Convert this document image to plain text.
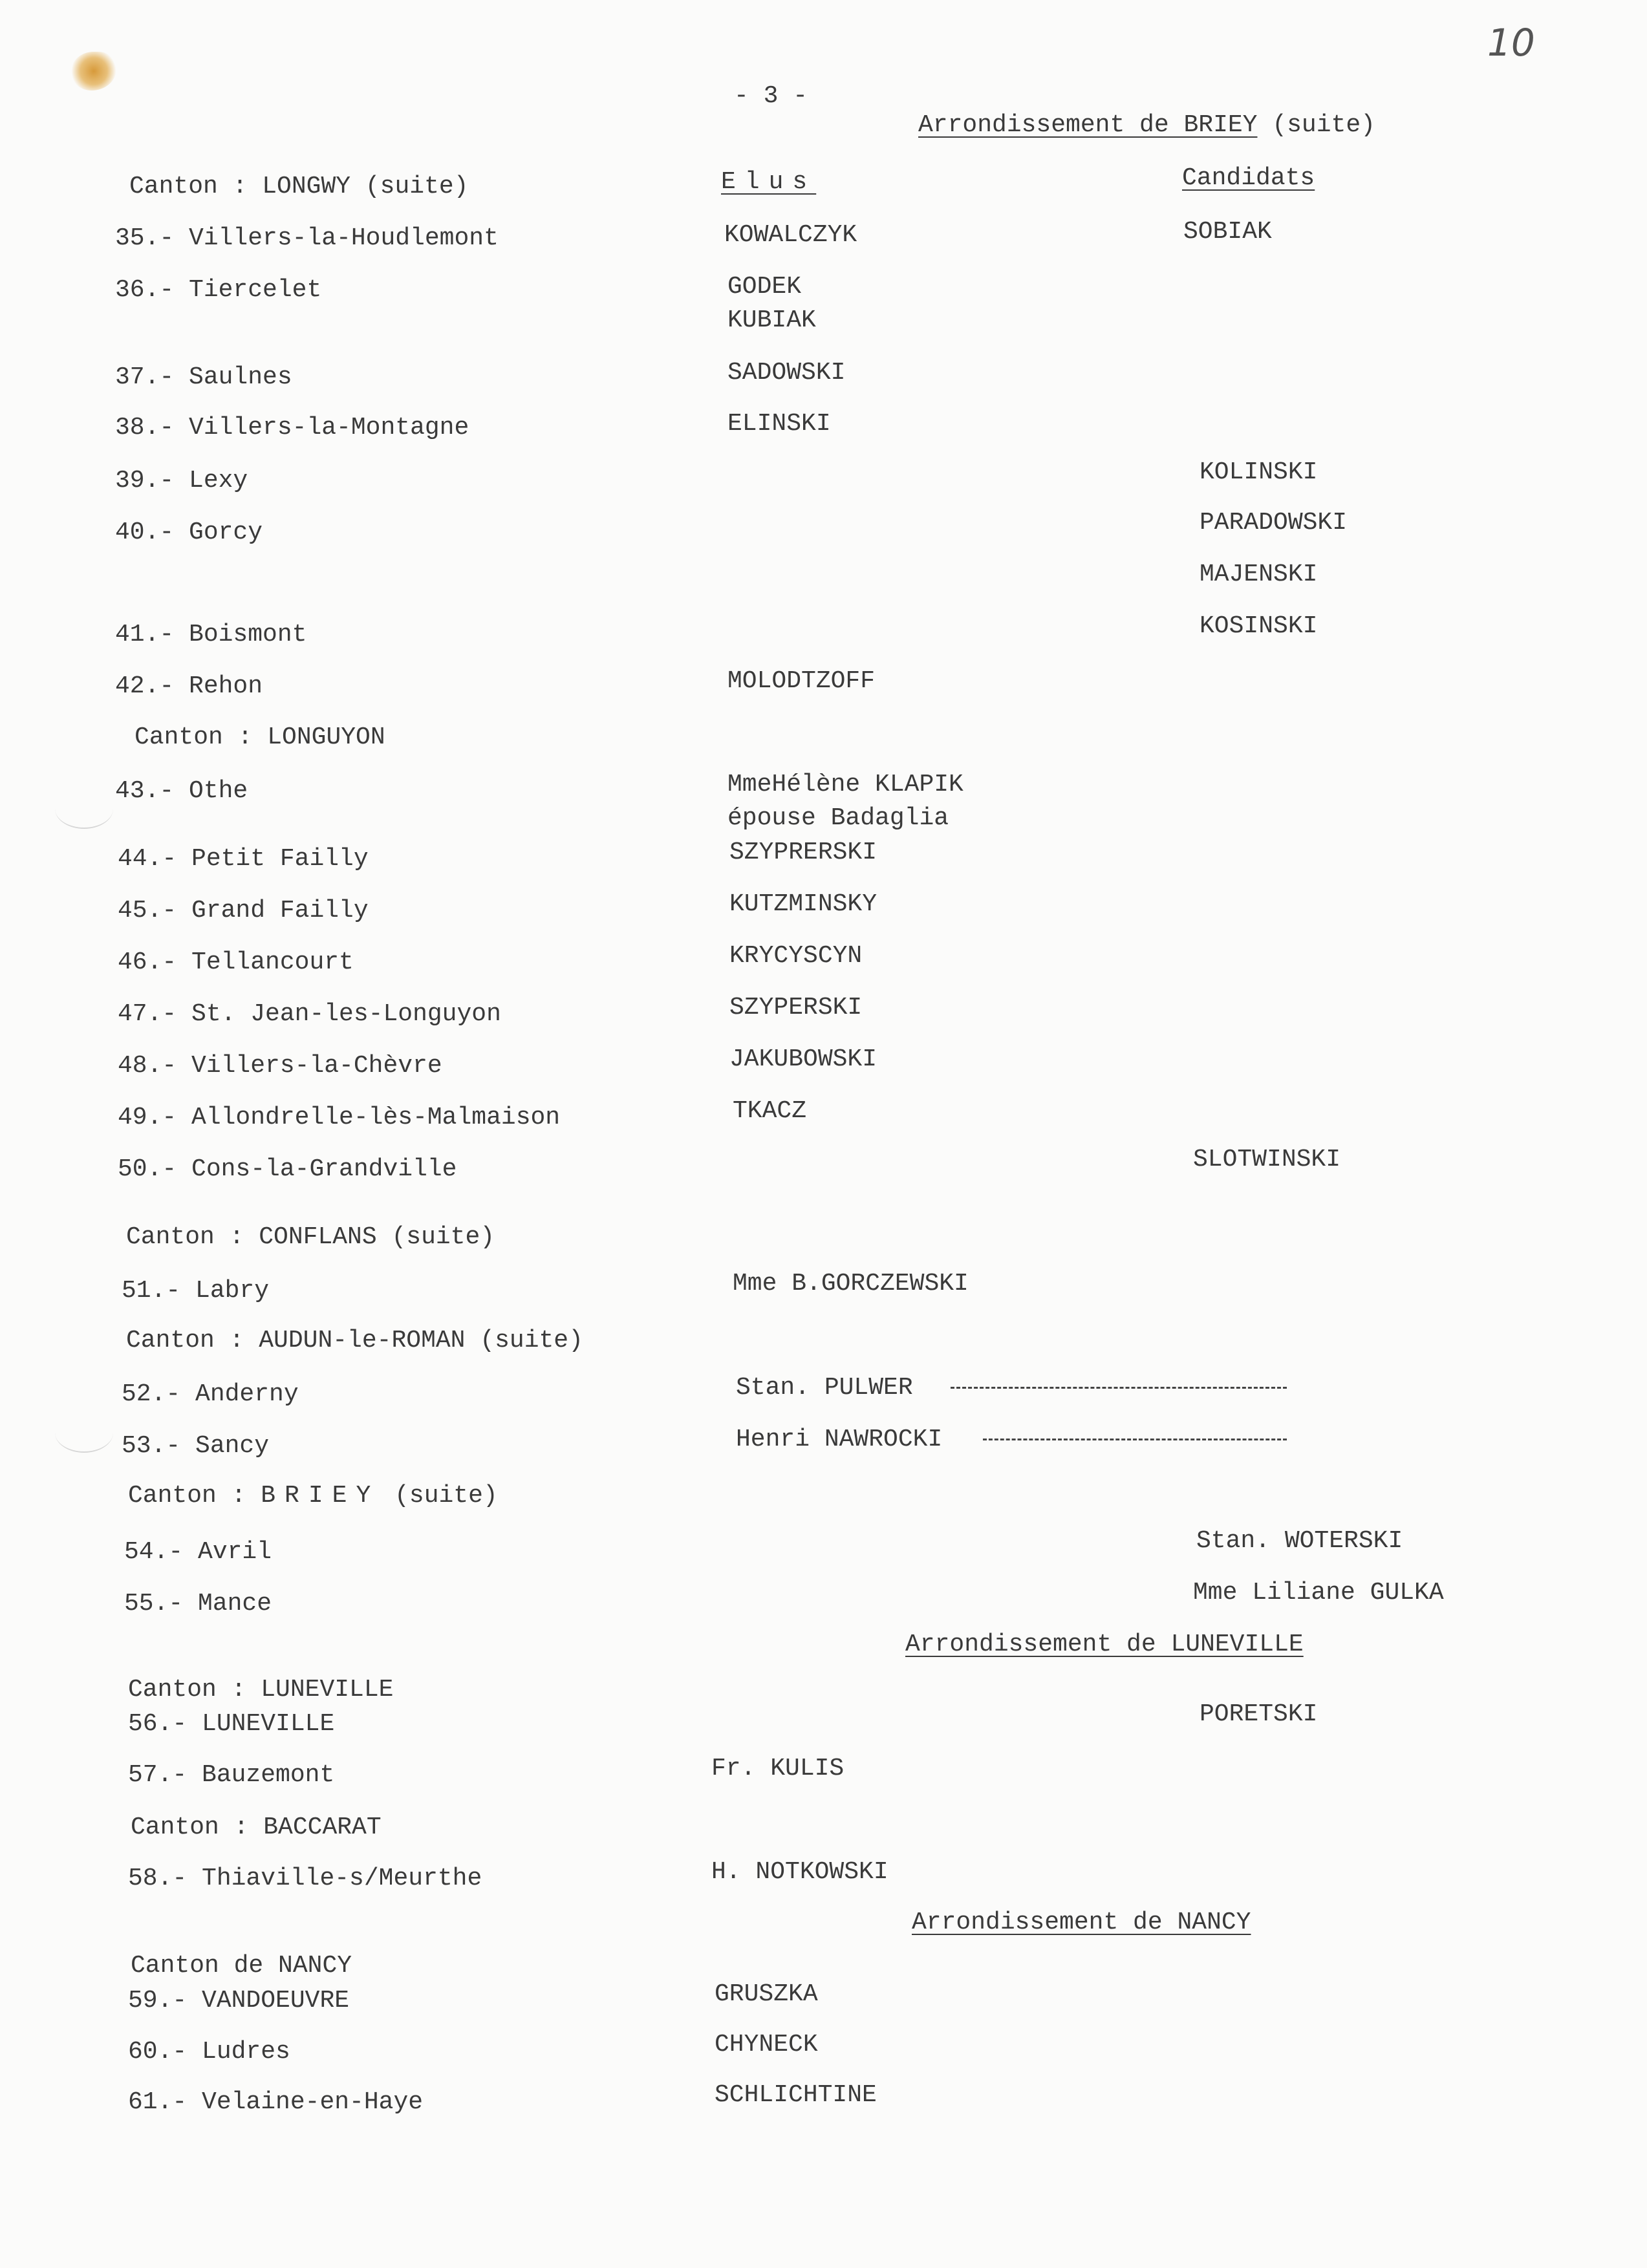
10
- 3 -
Arrondissement de BRIEY (suite)
Canton : LONGWY (suite)	Elus	Candidats
35.- Villers-la-Houdlemont
36.- Tiercelet
37.- Saulnes
38.- Villers-la-Montagne
39.- Lexy
40.- Gorcy
41.- Boismont
42.- Rehon
Canton : LONGUYON
43.- Othe
44.- Petit Failly
45.- Grand Failly
46.- Tellancourt
47.- St. Jean-les-Longuyon
48.- Villers-la-Chèvre
49.- Allondrelle-lès-Malmaison
50.- Cons-la-Grandville
Canton : CONFLANS (suite)
51.- Labry
Canton : AUDUN-le-ROMAN (suite)
52.- Anderny
53.- Sancy
Canton : BRIEY (suite)
54.- Avril
55.- Mance
Canton : LUNEVILLE
56.- LUNEVILLE
57.- Bauzemont
Canton : BACCARAT
58.- Thiaville-s/Meurthe
Canton de NANCY
59.- VANDOEUVRE
60.- Ludres
61.- Velaine-en-Haye
KOWALCZYK
GODEK
KUBIAK
SADOWSKI
ELINSKI
MOLODTZOFF
MmeHélène KLAPIK
épouse Badaglia
SZYPRERSKI
KUTZMINSKY
KRYCYSCYN
SZYPERSKI
JAKUBOWSKI
TKACZ
Mme B.GORCZEWSKI
Stan. PULWER
Henri NAWROCKI
Fr. KULIS
H. NOTKOWSKI
GRUSZKA
CHYNECK
SCHLICHTINE
SOBIAK
KOLINSKI
PARADOWSKI
MAJENSKI
KOSINSKI
SLOTWINSKI
Stan. WOTERSKI
Mme Liliane GULKA
Arrondissement de LUNEVILLE
PORETSKI
Arrondissement de NANCY
